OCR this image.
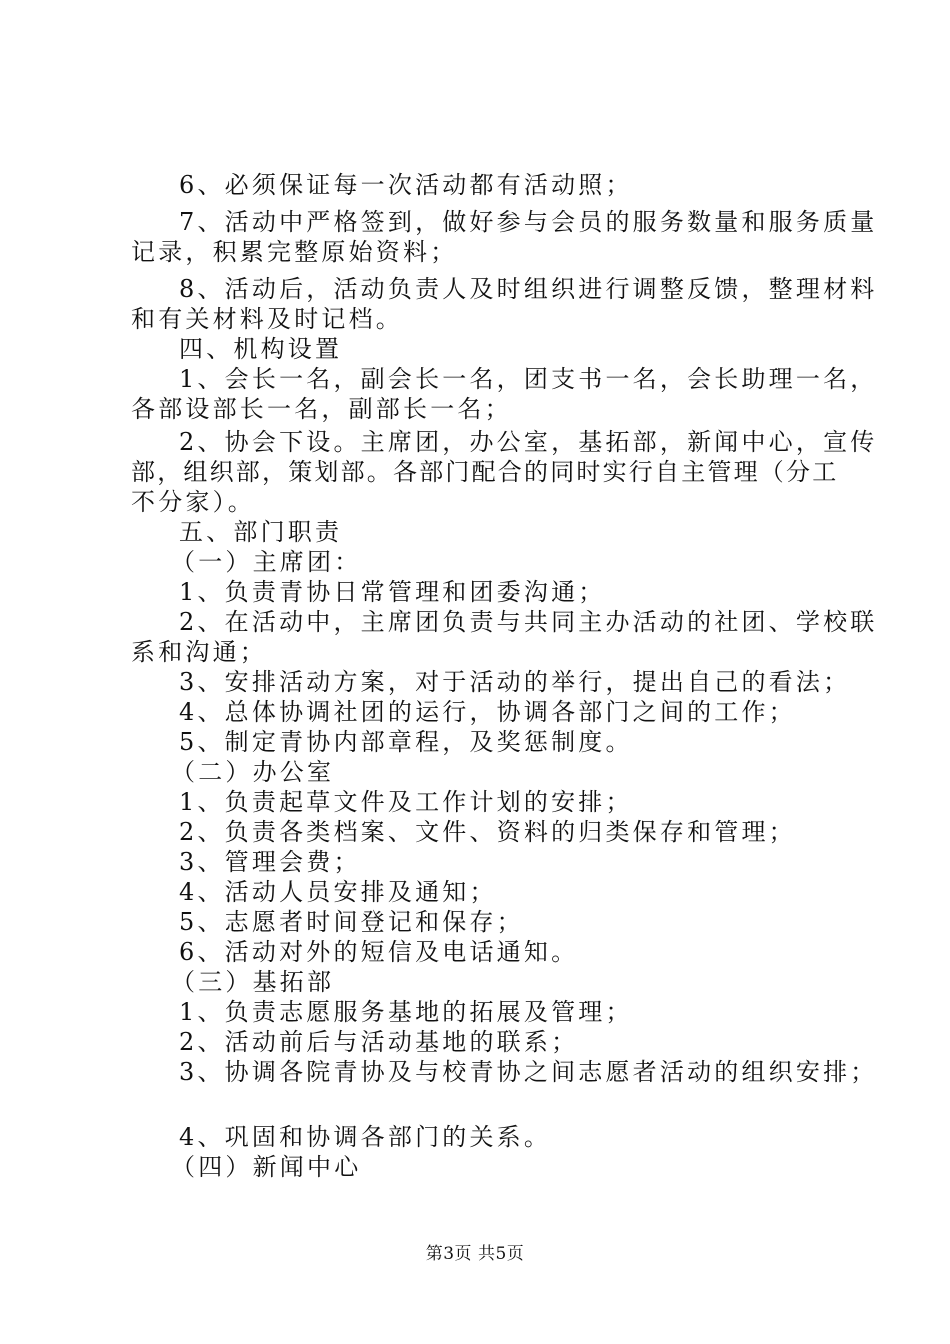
6、必须保证每一次活动都有活动照；
7、活动中严格签到，做好参与会员的服务数量和服务质量
记录，积累完整原始资料；
8、活动后，活动负责人及时组织进行调整反馈，整理材料
和有关材料及时记档。
四、机构设置
1、会长一名，副会长一名，团支书一名，会长助理一名，
各部设部长一名，副部长一名；
2、协会下设。主席团，办公室，基拓部，新闻中心，宣传
部，组织部，策划部。各部门配合的同时实行自主管理（分工
不分家）。
五、部门职责
（一）主席团：
1、负责青协日常管理和团委沟通；
2、在活动中，主席团负责与共同主办活动的社团、学校联
系和沟通；
3、安排活动方案，对于活动的举行，提出自己的看法；
4、总体协调社团的运行，协调各部门之间的工作；
5、制定青协内部章程，及奖惩制度。
（二）办公室
1、负责起草文件及工作计划的安排；
2、负责各类档案、文件、资料的归类保存和管理；
3、管理会费；
4、活动人员安排及通知；
5、志愿者时间登记和保存；
6、活动对外的短信及电话通知。
（三）基拓部
1、负责志愿服务基地的拓展及管理；
2、活动前后与活动基地的联系；
3、协调各院青协及与校青协之间志愿者活动的组织安排；
4、巩固和协调各部门的关系。
（四）新闻中心
第3页 共5页
